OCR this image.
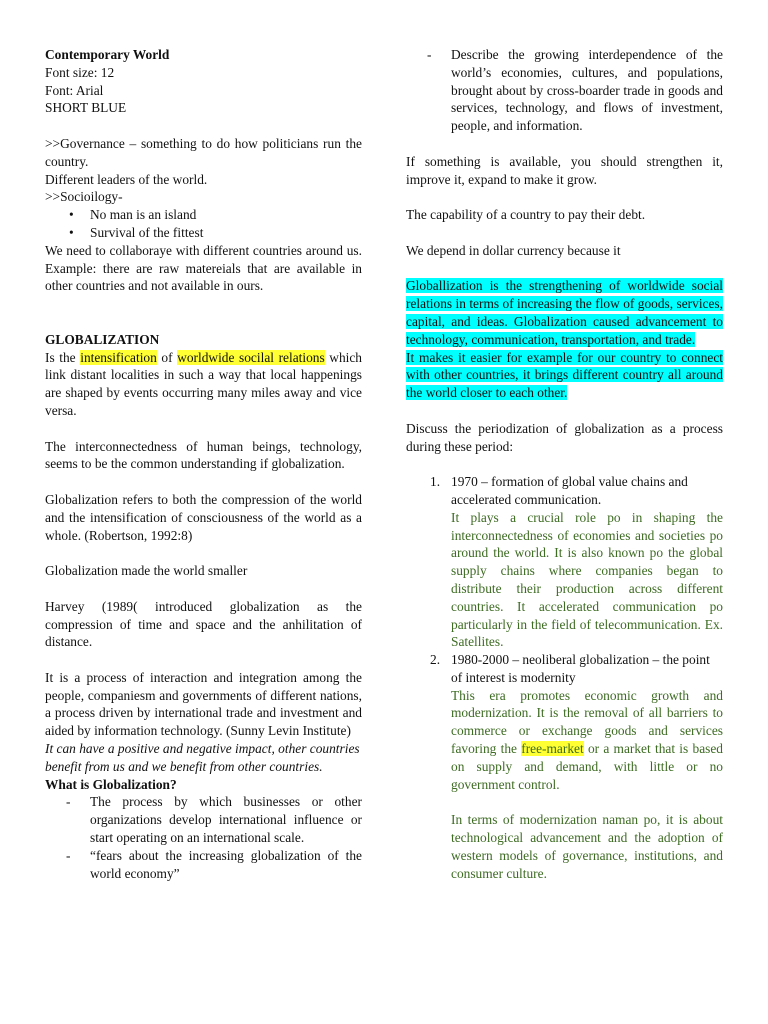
Contemporary World

Font size: 12

Font: Arial

SHORT BLUE

>>Governance – something to do how politicians run the country.

Different leaders of the world.

>>Socioilogy-

• No man is an island
• Survival of the fittest

We need to collaboraye with different countries around us. Example: there are raw matereials that are available in other countries and not available in ours.

GLOBALIZATION

Is the intensification of worldwide socilal relations which link distant localities in such a way that local happenings are shaped by events occurring many miles away and vice versa.

The interconnectedness of human beings, technology, seems to be the common understanding if globalization.

Globalization refers to both the compression of the world and the intensification of consciousness of the world as a whole. (Robertson, 1992:8)

Globalization made the world smaller

Harvey (1989( introduced globalization as the compression of time and space and the anhilitation of distance.

It is a process of interaction and integration among the people, companiesm and governments of different nations, a process driven by international trade and investment and aided by information technology. (Sunny Levin Institute)

It can have a positive and negative impact, other countries benefit from us and we benefit from other countries.

What is Globalization?

- The process by which businesses or other organizations develop international influence or start operating on an international scale.
- “fears about the increasing globalization of the world economy”
- Describe the growing interdependence of the world’s economies, cultures, and populations, brought about by cross-boarder trade in goods and services, technology, and flows of investment, people, and information.

If something is available, you should strengthen it, improve it, expand to make it grow.

The capability of a country to pay their debt.

We depend in dollar currency because it

Globallization is the strengthening of worldwide social relations in terms of increasing the flow of goods, services, capital, and ideas. Globalization caused advancement to technology, communication, transportation, and trade.

It makes it easier for example for our country to connect with other countries, it brings different country all around the world closer to each other.

Discuss the periodization of globalization as a process during these period:

1. 1970 – formation of global value chains and accelerated communication.

It plays a crucial role po in shaping the interconnectedness of economies and societies po around the world. It is also known po the global supply chains where companies began to distribute their production across different countries. It accelerated communication po particularly in the field of telecommunication. Ex. Satellites.

2. 1980-2000 – neoliberal globalization – the point of interest is modernity

This era promotes economic growth and modernization. It is the removal of all barriers to commerce or exchange goods and services favoring the free-market or a market that is based on supply and demand, with little or no government control.

In terms of modernization naman po, it is about technological advancement and the adoption of western models of governance, institutions, and consumer culture.
